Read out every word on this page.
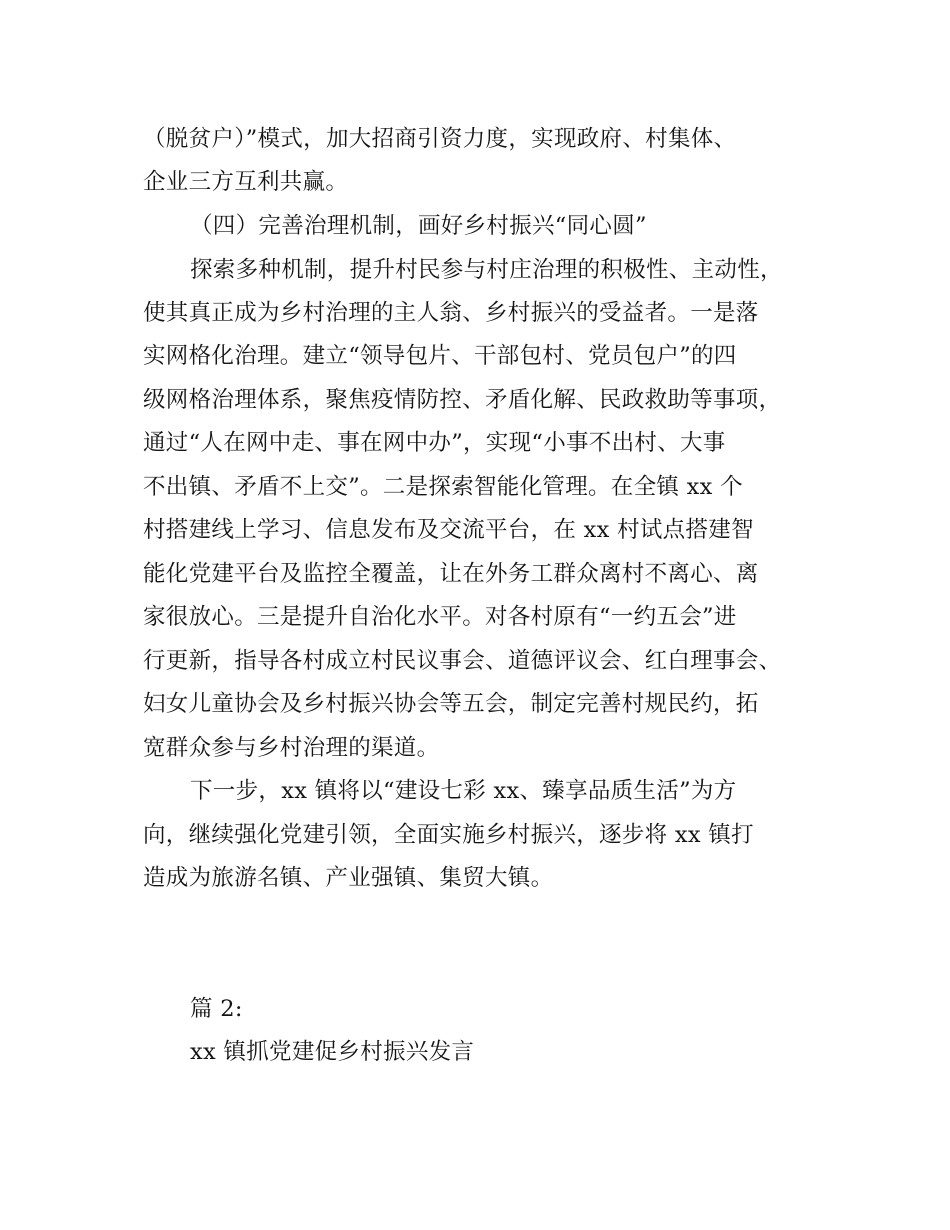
（脱贫户）”模式，加大招商引资力度，实现政府、村集体、
企业三方互利共赢。
（四）完善治理机制，画好乡村振兴“同心圆”
探索多种机制，提升村民参与村庄治理的积极性、主动性，
使其真正成为乡村治理的主人翁、乡村振兴的受益者。一是落
实网格化治理。建立“领导包片、干部包村、党员包户”的四
级网格治理体系，聚焦疫情防控、矛盾化解、民政救助等事项，
通过“人在网中走、事在网中办”，实现“小事不出村、大事
不出镇、矛盾不上交”。二是探索智能化管理。在全镇 xx 个
村搭建线上学习、信息发布及交流平台，在 xx 村试点搭建智
能化党建平台及监控全覆盖，让在外务工群众离村不离心、离
家很放心。三是提升自治化水平。对各村原有“一约五会”进
行更新，指导各村成立村民议事会、道德评议会、红白理事会、
妇女儿童协会及乡村振兴协会等五会，制定完善村规民约，拓
宽群众参与乡村治理的渠道。
下一步，xx 镇将以“建设七彩 xx、臻享品质生活”为方
向，继续强化党建引领，全面实施乡村振兴，逐步将 xx 镇打
造成为旅游名镇、产业强镇、集贸大镇。
篇 2:
xx 镇抓党建促乡村振兴发言
